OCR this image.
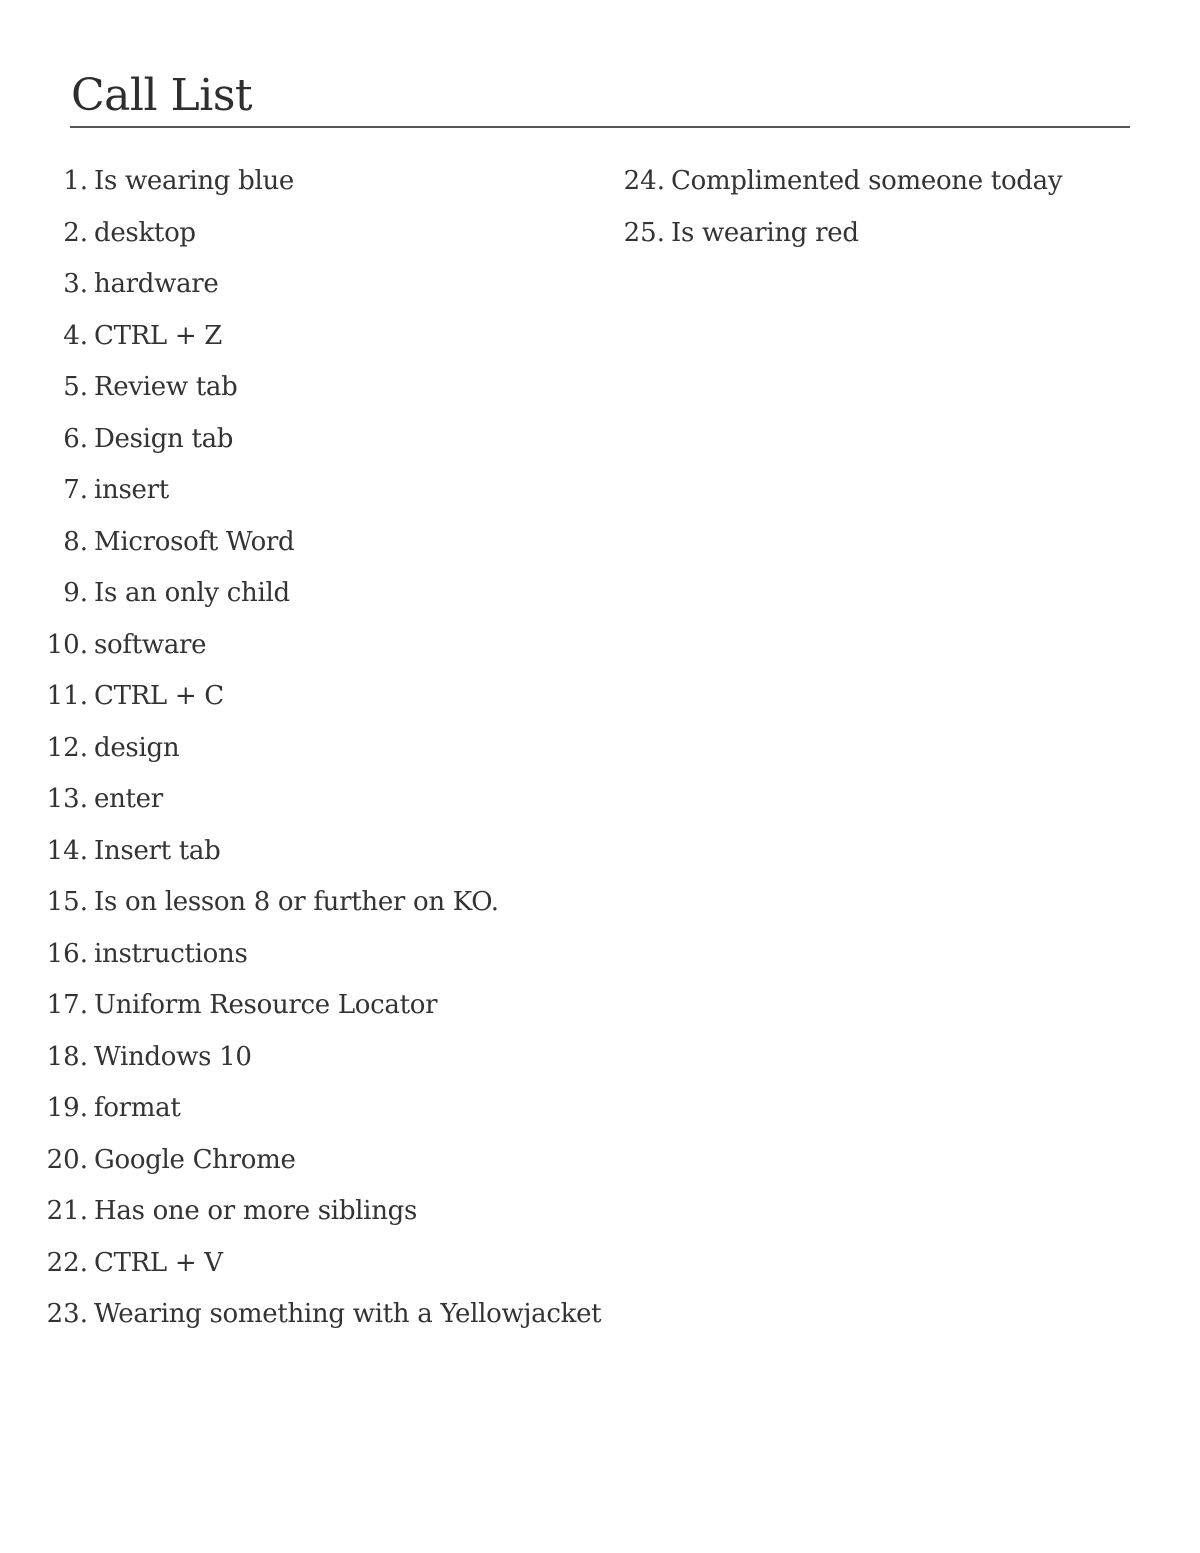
Call List
1. Is wearing blue
2. desktop
3. hardware
4. CTRL + Z
5. Review tab
6. Design tab
7. insert
8. Microsoft Word
9. Is an only child
10. software
11. CTRL + C
12. design
13. enter
14. Insert tab
15. Is on lesson 8 or further on KO.
16. instructions
17. Uniform Resource Locator
18. Windows 10
19. format
20. Google Chrome
21. Has one or more siblings
22. CTRL + V
23. Wearing something with a Yellowjacket
24. Complimented someone today
25. Is wearing red
